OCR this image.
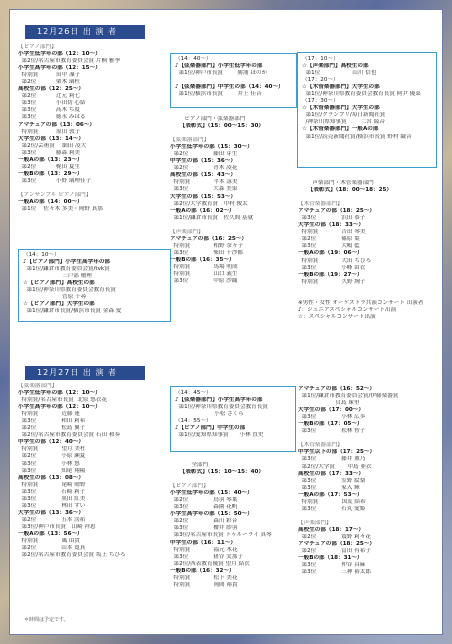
12月26日 出 演 者
【ピアノ部門】
小学生低学年の部（12：10～）
第2位/名古屋市教育委員会賞 片桐 雅季
小学生高学年の部（12：15～）
特別賞          田中 凜子
第2位           栗木 璃杜
高校生の部（12：25～）
第2位           辻元 莉七
第3位           小田切 心結
第3位           高木 ち度
第3位           徳永 みはる
アマチュアの部（13：06～）
特別賞          原田 敦子
大学生の部（13：14～）
第2位/芸術賞    細田 凌大
第3位           藤森 莉美
一般Aの部（13：23～）
第2位           梶田 夏生
一般Bの部（13：29～）
第3位           小野 璃理佳子
【アンサンブル ピアノ部門】
一般Aの部（14：00～）
第1位    佐々木 多美・岡野 真那
（14：10～）
♪【ピアノ部門】小学生高学年の部
第1位/鎌倉市教育委員会賞/tvk賞
三戸部 珊理
☆【ピアノ部門】高校生の部
第1位/神奈川県教育委員会教育長賞
菅原 千尋
☆【ピアノ部門】大学生の部
第1位/鎌倉市長賞/横浜市長賞 金森 愛
（14：40～）
♪【弦楽器部門】小学生低学年の部
第1位/神戸市長賞        勝浦 ほのか
♪【弦楽器部門】中学生の部（14：40～）
第1位/横浜市長賞        井上 佳音
ピアノ部門・弦楽器部門
【表彰式】（15：00～15：30）
【弦楽器部門】
小学生低学年の部（15：30～）
第2位              藤田 芽生
中学生の部（15：36～）
第2位              青木 凌花
高校生の部（15：43～）
特別賞             平本 詠美
第3位              大森 美果
大学生の部（15：53～）
第2位/大学教育賞   中村 俊太
一般Aの部（16：02～）
第1位/鎌倉市長賞   佐久間 基就
【声楽部門】
アマチュアの部（16：25～）
特別賞             相野 奈々子
第3位              柴田 千沙都
一般Bの部（16：35～）
特別賞             馬場 明成
特別賞             山口 義生
第3位              中原 沙織
（17：10～）
☆【声楽部門】高校生の部
第1位                  山川 信也
（17：20～）
☆【木管楽器部門】大学生の部
第1位/神奈川県教育委員会教育長賞 阿尹 優菜
（17：30～）
☆【木管楽器部門】大学生の部
第1位/グランプリ/毎日新聞社賞
/神奈川県知事賞        二宮 綾音
☆【木管楽器部門】一般Aの部
第1位/読売新聞社賞/横浜市長賞 野村 織音
声楽部門・木管楽器部門
【表彰式】（18：00～18：25）
【木管楽器部門】
アマチュアの部（18：25～）
第3位              浜田 恭子
大学生の部（18：33～）
特別賞             吉田 琴美
第2位              篠原 葉
第3位              大嶋 藍
一般Aの部（19：06～）
特別賞             大田 ちひろ
第3位              小峰 由衣
一般Bの部（19：27～）
特別賞             久野 絢子
※男性・女性 オーケストラ共演コンサート 出演者
♪：ジュニアスペシャルコンサート出演
☆：スペシャルコンサート出演
12月27日 出 演 者
【弦楽器部門】
小学生低学年の部（12：10～）
特別賞/名古屋市長賞  北原 悠衣花
小学生高学年の部（12：10～）
特別賞             近藤 蓮
第3位              和田 莉希
第2位              松島 翼子
第2位/名古屋市教育委員会賞 石田 和奏
中学生の部（12：40～）
特別賞             望月 美杜
第2位              小原 瀬夏
第3位              小林 悠
第3位              知尾 翔陽
高校生の部（13：08～）
特別賞             尾崎 晴野
第3位              石崎 莉子
第3位              黒田 紅美
第3位              林田 すい
大学生の部（13：36～）
第2位              五本 渓祐
第3位/神戸市長賞   山崎 祥恵
一般Aの部（13：56～）
特別賞             風 由貴
第2位              山本 寛真
第2位/名古屋市教育委員会賞 坂上 ちひろ
（14：45～）
♪【弦楽器部門】小学生高学年の部
第1位/神奈川県教育委員会教育長賞
小松 さくら
（14：55～）
♪【ピアノ部門】中学生の部
第1位/愛知県知事賞      小林 直史
全部門
【表彰式】（15：10～15：40）
【ピアノ部門】
小学生低学年の部（15：40～）
第2位              鳥羽 琴葉
第3位              森園 花帆
小学生高学年の部（15：50～）
第2位              森川 彩音
第3位              櫻井 紗羽
第3位/名古屋市長賞 トゥルーライ 真琴
中学生の部（16：11～）
特別賞             福元 木花
第3位              猪谷 実那子
第2位/西表教育優賞 望月 結衣
一般Bの部（16：32～）
特別賞             松下 美花
特別賞             岡間 裕貴
アマチュアの部（16：52～）
第1位/鎌倉市教育委員会賞/伊藤楽器賞
貝島 珠里
大学生の部（17：00～）
第3位              小林 広歩
一般Bの部（17：05～）
第3位              松林 智子
【木管楽器部門】
中学生以下の部（17：25～）
第3位              藤井 薫乃
第2位/大学賞       中島 亜衣
高校生の部（17：33～）
第3位              室野 絵梨
第3位              家入 輝
一般Aの部（17：53～）
特別賞             国友 結希
第3位              石丸 愛姫
【声楽部門】
高校生の部（18：17～）
第2位              震野 莉々花
アマチュアの部（18：25～）
第2位              冨田 有希子
一般Bの部（18：31～）
第3位              仲谷 昌麻
第3位              三神 裕太郎
＊時間は予定です。
